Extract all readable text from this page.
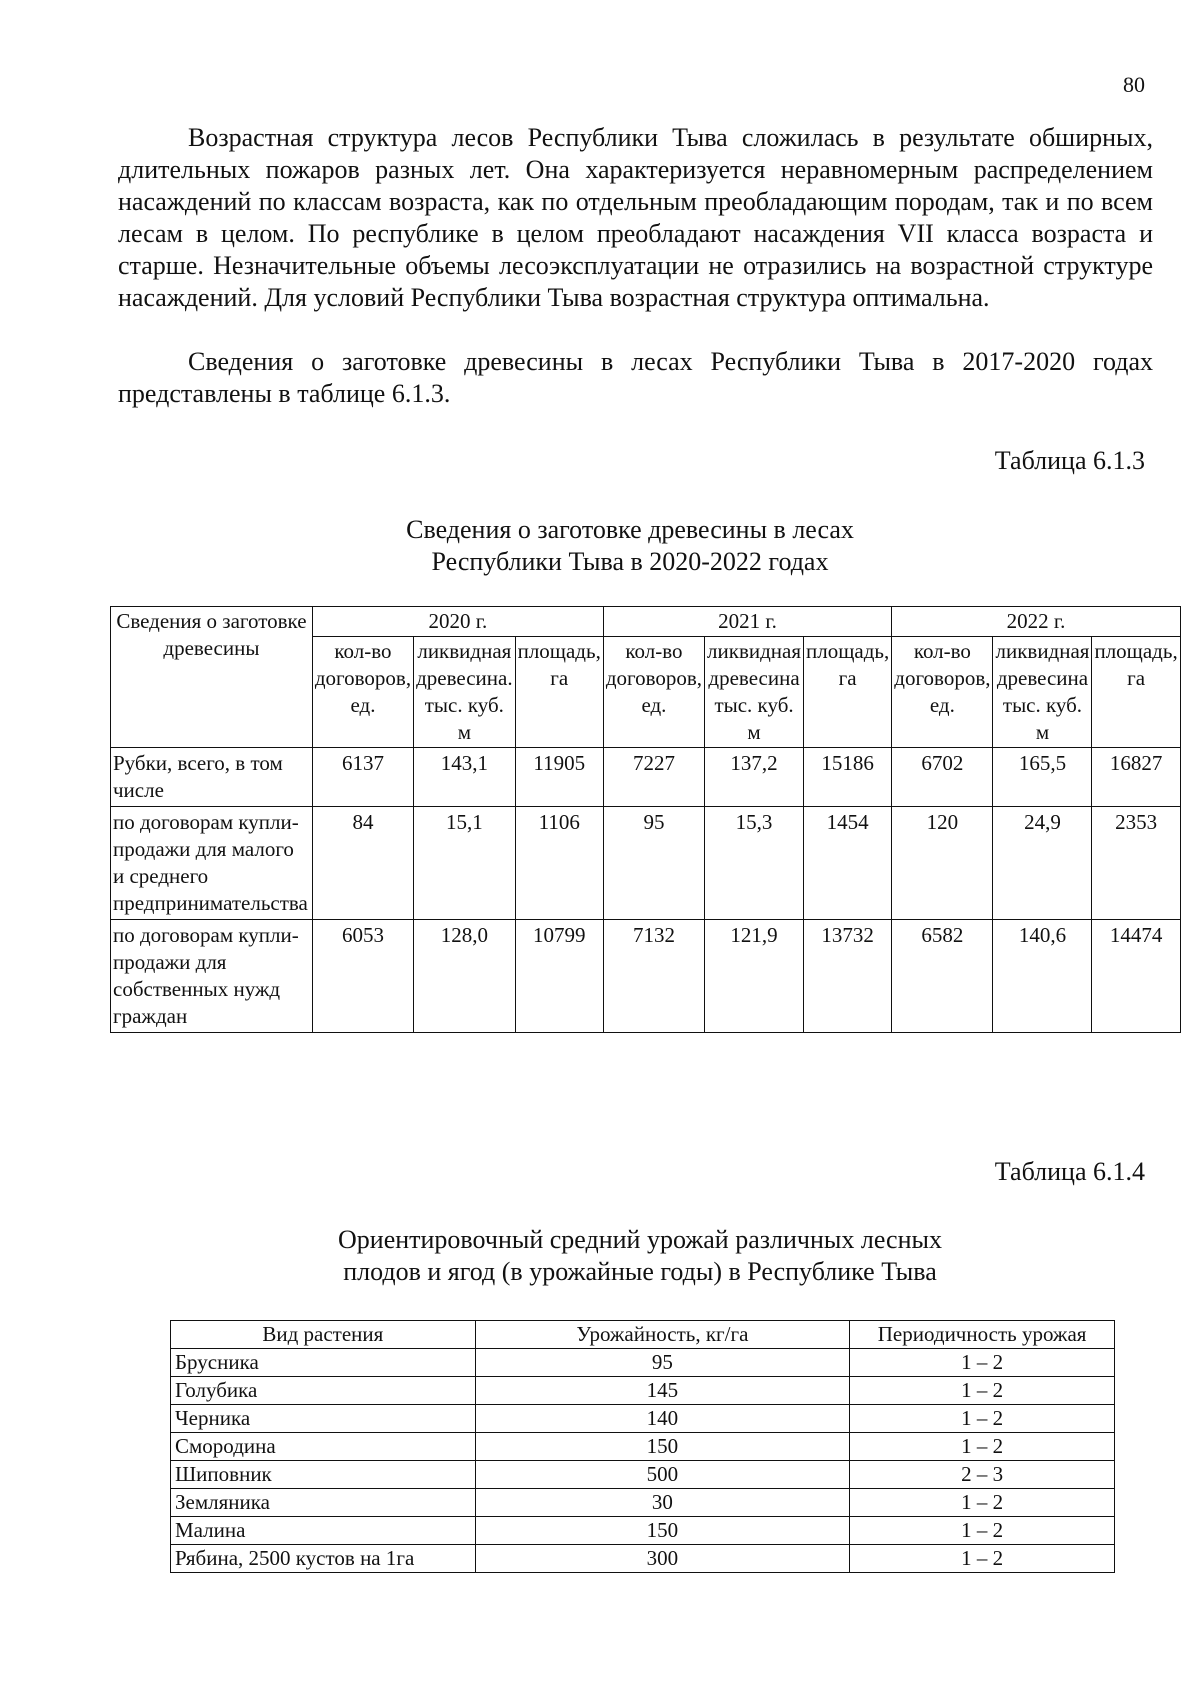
80

Возрастная структура лесов Республики Тыва сложилась в результате обширных, длительных пожаров разных лет. Она характеризуется неравномерным распределением насаждений по классам возраста, как по отдельным преобладающим породам, так и по всем лесам в целом. По республике в целом преобладают насаждения VII класса возраста и старше. Незначительные объемы лесоэксплуатации не отразились на возрастной структуре насаждений. Для условий Республики Тыва возрастная структура оптимальна.

Сведения о заготовке древесины в лесах Республики Тыва в 2017-2020 годах представлены в таблице 6.1.3.

Таблица 6.1.3
Сведения о заготовке древесины в лесах
Республики Тыва в 2020-2022 годах
Сведения о заготовке древесины	2020 г.			2021 г.			2022 г.		
	кол-во договоров, ед.	ликвидная древесина. тыс. куб. м	площадь, га	кол-во договоров, ед.	ликвидная древесина тыс. куб. м	площадь, га	кол-во договоров, ед.	ликвидная древесина тыс. куб. м	площадь, га
Рубки, всего, в том числе	6137	143,1	11905	7227	137,2	15186	6702	165,5	16827
по договорам купли-продажи для малого и среднего предпринимательства	84	15,1	1106	95	15,3	1454	120	24,9	2353
по договорам купли-продажи для собственных нужд граждан	6053	128,0	10799	7132	121,9	13732	6582	140,6	14474
Таблица 6.1.4
Ориентировочный средний урожай различных лесных
плодов и ягод (в урожайные годы) в Республике Тыва
Вид растения	Урожайность, кг/га	Периодичность урожая
Брусника	95	1 – 2
Голубика	145	1 – 2
Черника	140	1 – 2
Смородина	150	1 – 2
Шиповник	500	2 – 3
Земляника	30	1 – 2
Малина	150	1 – 2
Рябина, 2500 кустов на 1га	300	1 – 2
